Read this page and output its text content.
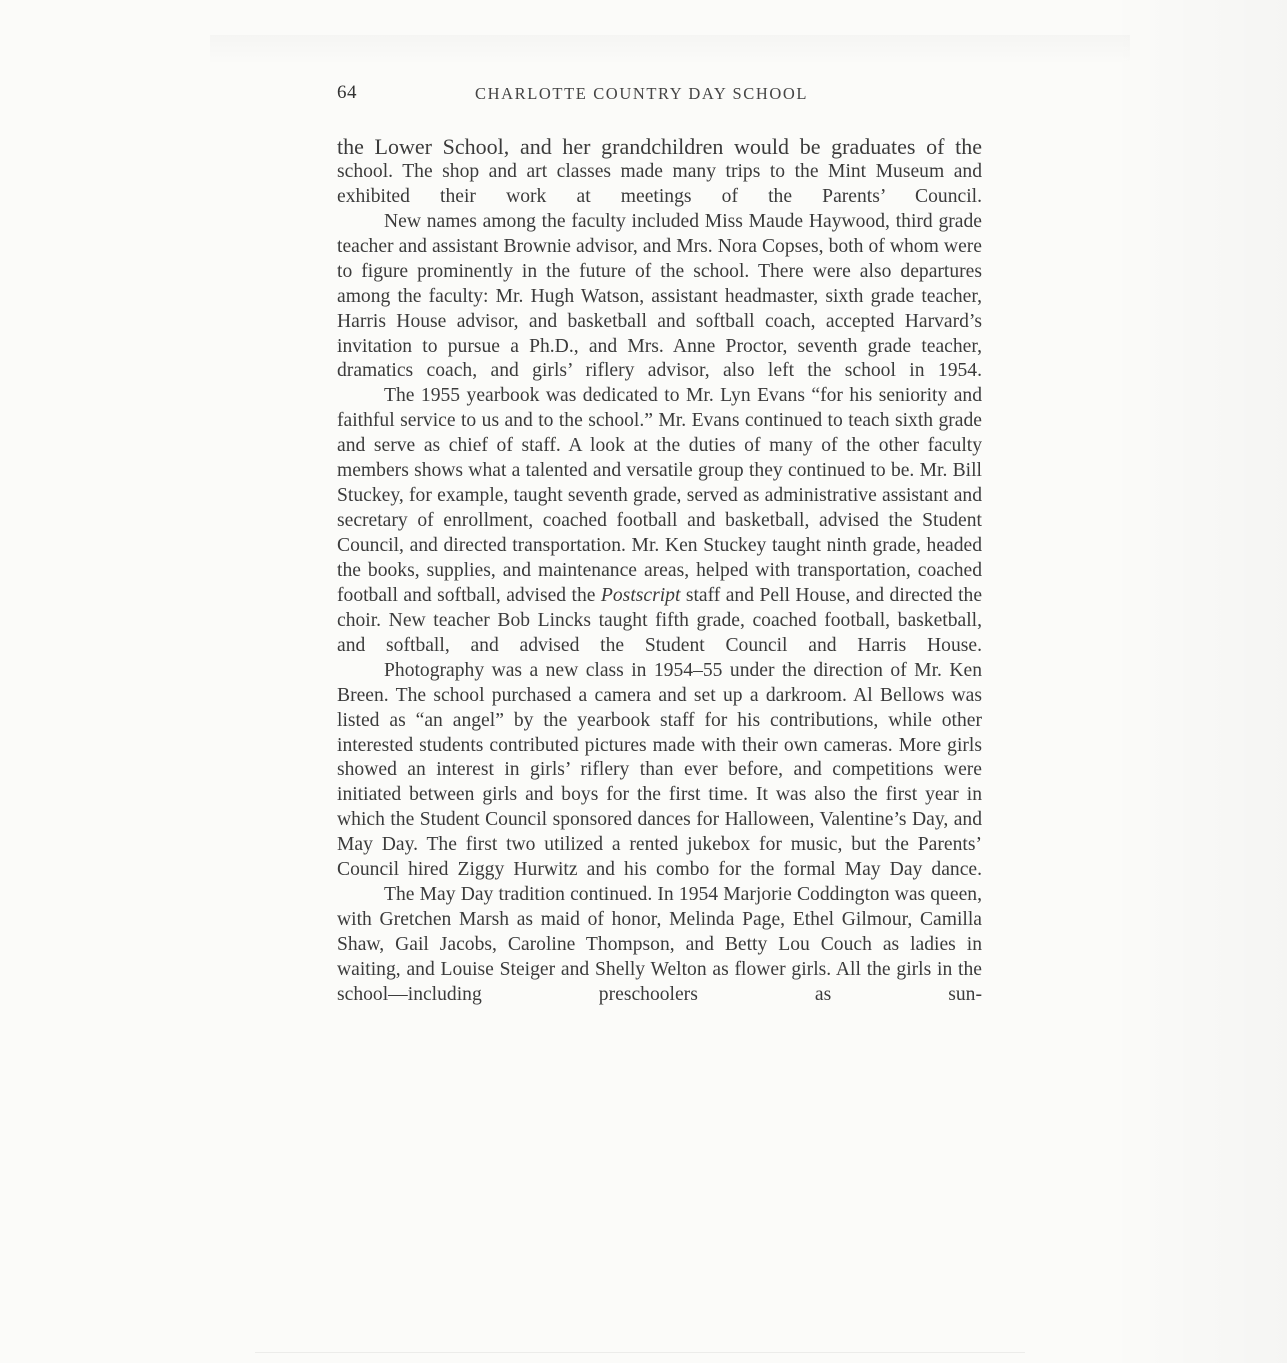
64	CHARLOTTE COUNTRY DAY SCHOOL

the Lower School, and her grandchildren would be graduates of the school. The shop and art classes made many trips to the Mint Museum and exhibited their work at meetings of the Parents’ Council.

New names among the faculty included Miss Maude Haywood, third grade teacher and assistant Brownie advisor, and Mrs. Nora Copses, both of whom were to figure prominently in the future of the school. There were also departures among the faculty: Mr. Hugh Watson, assistant headmaster, sixth grade teacher, Harris House advisor, and basketball and softball coach, accepted Harvard’s invitation to pursue a Ph.D., and Mrs. Anne Proctor, seventh grade teacher, dramatics coach, and girls’ riflery advisor, also left the school in 1954.

The 1955 yearbook was dedicated to Mr. Lyn Evans “for his seniority and faithful service to us and to the school.” Mr. Evans continued to teach sixth grade and serve as chief of staff. A look at the duties of many of the other faculty members shows what a talented and versatile group they continued to be. Mr. Bill Stuckey, for example, taught seventh grade, served as administrative assistant and secretary of enrollment, coached football and basketball, advised the Student Council, and directed transportation. Mr. Ken Stuckey taught ninth grade, headed the books, supplies, and maintenance areas, helped with transportation, coached football and softball, advised the Postscript staff and Pell House, and directed the choir. New teacher Bob Lincks taught fifth grade, coached football, basketball, and softball, and advised the Student Council and Harris House.

Photography was a new class in 1954–55 under the direction of Mr. Ken Breen. The school purchased a camera and set up a darkroom. Al Bellows was listed as “an angel” by the yearbook staff for his contributions, while other interested students contributed pictures made with their own cameras. More girls showed an interest in girls’ riflery than ever before, and competitions were initiated between girls and boys for the first time. It was also the first year in which the Student Council sponsored dances for Halloween, Valentine’s Day, and May Day. The first two utilized a rented jukebox for music, but the Parents’ Council hired Ziggy Hurwitz and his combo for the formal May Day dance.

The May Day tradition continued. In 1954 Marjorie Coddington was queen, with Gretchen Marsh as maid of honor, Melinda Page, Ethel Gilmour, Camilla Shaw, Gail Jacobs, Caroline Thompson, and Betty Lou Couch as ladies in waiting, and Louise Steiger and Shelly Welton as flower girls. All the girls in the school—including preschoolers as sun-
